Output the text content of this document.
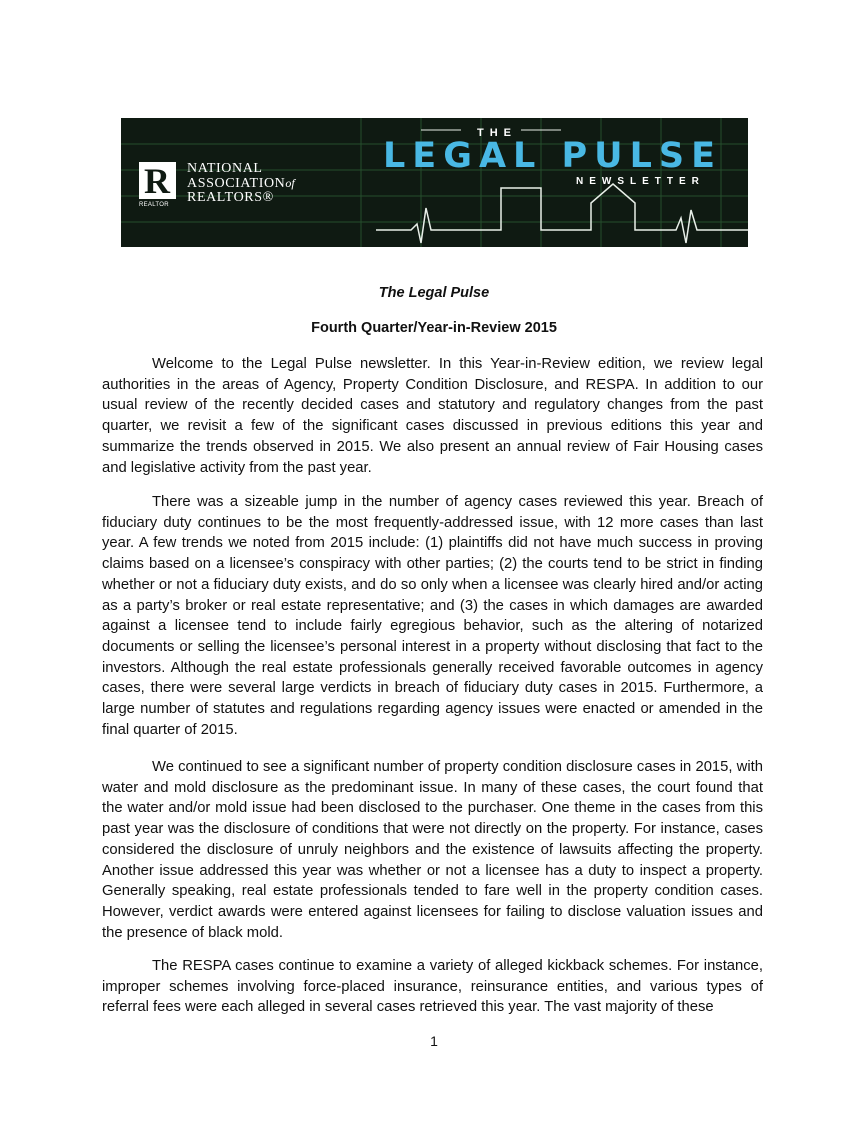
R
REALTOR
NATIONAL
ASSOCIATIONof
REALTORS®
THE
LEGAL PULSE
NEWSLETTER
The Legal Pulse
Fourth Quarter/Year-in-Review 2015

Welcome to the Legal Pulse newsletter. In this Year-in-Review edition, we review legal authorities in the areas of Agency, Property Condition Disclosure, and RESPA. In addition to our usual review of the recently decided cases and statutory and regulatory changes from the past quarter, we revisit a few of the significant cases discussed in previous editions this year and summarize the trends observed in 2015. We also present an annual review of Fair Housing cases and legislative activity from the past year.

There was a sizeable jump in the number of agency cases reviewed this year. Breach of fiduciary duty continues to be the most frequently-addressed issue, with 12 more cases than last year. A few trends we noted from 2015 include: (1) plaintiffs did not have much success in proving claims based on a licensee’s conspiracy with other parties; (2) the courts tend to be strict in finding whether or not a fiduciary duty exists, and do so only when a licensee was clearly hired and/or acting as a party’s broker or real estate representative; and (3) the cases in which damages are awarded against a licensee tend to include fairly egregious behavior, such as the altering of notarized documents or selling the licensee’s personal interest in a property without disclosing that fact to the investors. Although the real estate professionals generally received favorable outcomes in agency cases, there were several large verdicts in breach of fiduciary duty cases in 2015. Furthermore, a large number of statutes and regulations regarding agency issues were enacted or amended in the final quarter of 2015.

We continued to see a significant number of property condition disclosure cases in 2015, with water and mold disclosure as the predominant issue. In many of these cases, the court found that the water and/or mold issue had been disclosed to the purchaser. One theme in the cases from this past year was the disclosure of conditions that were not directly on the property. For instance, cases considered the disclosure of unruly neighbors and the existence of lawsuits affecting the property. Another issue addressed this year was whether or not a licensee has a duty to inspect a property. Generally speaking, real estate professionals tended to fare well in the property condition cases. However, verdict awards were entered against licensees for failing to disclose valuation issues and the presence of black mold.

The RESPA cases continue to examine a variety of alleged kickback schemes. For instance, improper schemes involving force-placed insurance, reinsurance entities, and various types of referral fees were each alleged in several cases retrieved this year. The vast majority of these

1
